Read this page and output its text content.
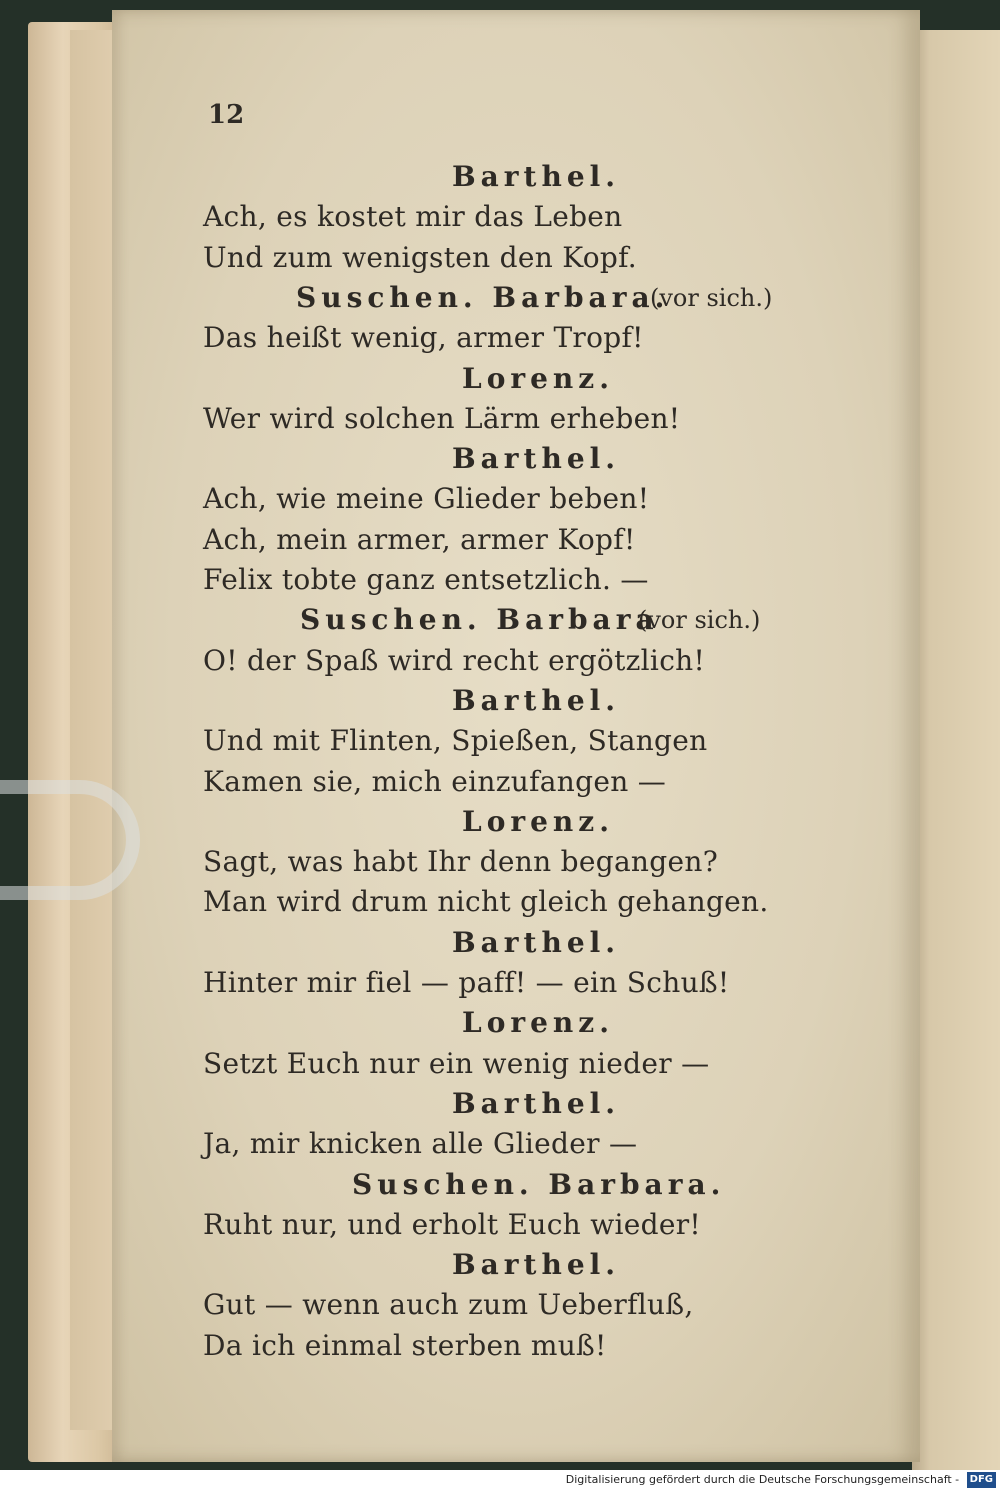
12
Barthel.
Ach, es kostet mir das Leben
Und zum wenigsten den Kopf.
Suschen. Barbara.
(vor sich.)
Das heißt wenig, armer Tropf!
Lorenz.
Wer wird solchen Lärm erheben!
Barthel.
Ach, wie meine Glieder beben!
Ach, mein armer, armer Kopf!
Felix tobte ganz entsetzlich. —
Suschen. Barbara
(vor sich.)
O! der Spaß wird recht ergötzlich!
Barthel.
Und mit Flinten, Spießen, Stangen
Kamen sie, mich einzufangen —
Lorenz.
Sagt, was habt Ihr denn begangen?
Man wird drum nicht gleich gehangen.
Barthel.
Hinter mir fiel — paff! — ein Schuß!
Lorenz.
Setzt Euch nur ein wenig nieder —
Barthel.
Ja, mir knicken alle Glieder —
Suschen. Barbara.
Ruht nur, und erholt Euch wieder!
Barthel.
Gut — wenn auch zum Ueberfluß,
Da ich einmal sterben muß!
Digitalisierung gefördert durch die Deutsche Forschungsgemeinschaft - DFG
